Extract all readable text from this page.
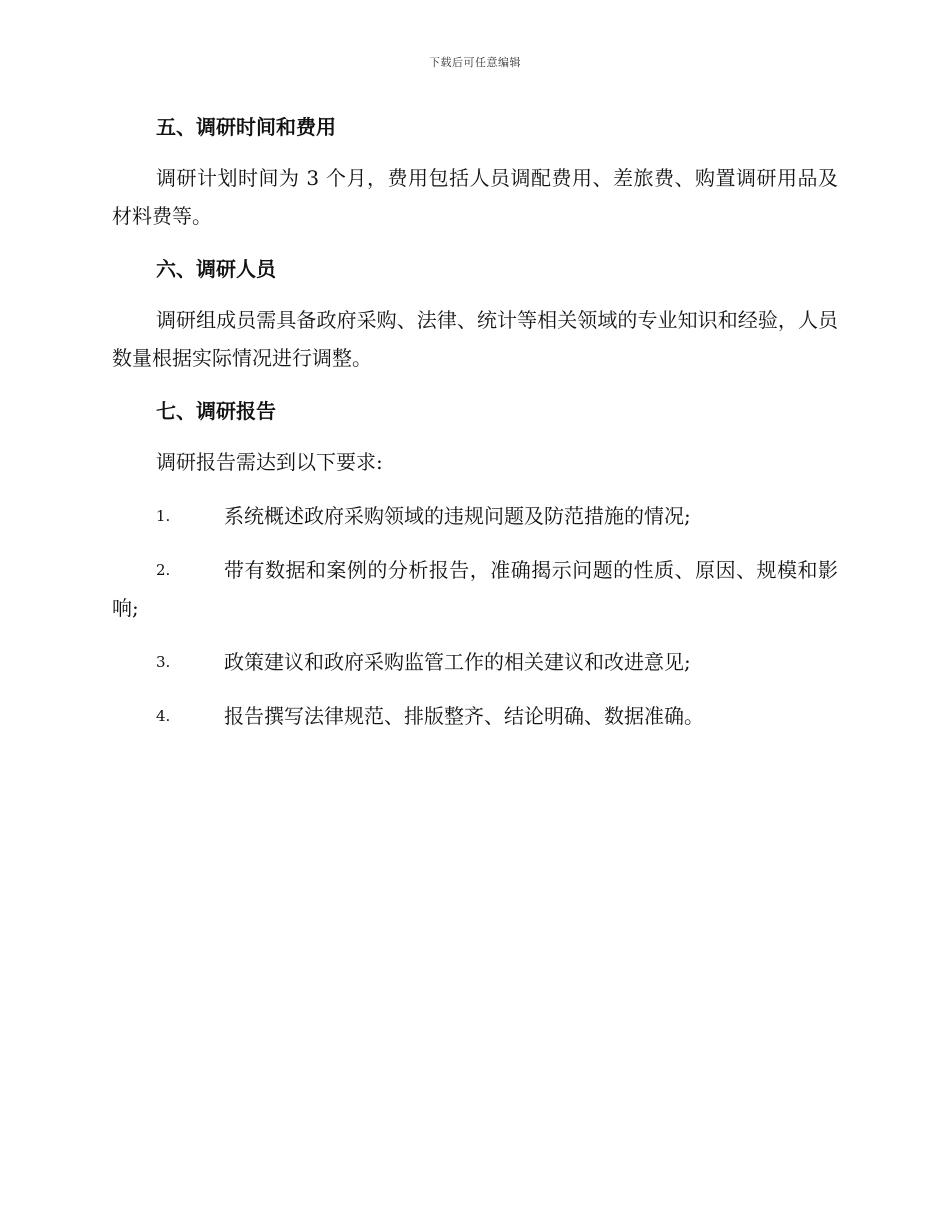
下载后可任意编辑
五、调研时间和费用

调研计划时间为 3 个月，费用包括人员调配费用、差旅费、购置调研用品及材料费等。

六、调研人员

调研组成员需具备政府采购、法律、统计等相关领域的专业知识和经验，人员数量根据实际情况进行调整。

七、调研报告

调研报告需达到以下要求:

1.	系统概述政府采购领域的违规问题及防范措施的情况;
2.	带有数据和案例的分析报告，准确揭示问题的性质、原因、规模和影响;
3.	政策建议和政府采购监管工作的相关建议和改进意见;
4.	报告撰写法律规范、排版整齐、结论明确、数据准确。
